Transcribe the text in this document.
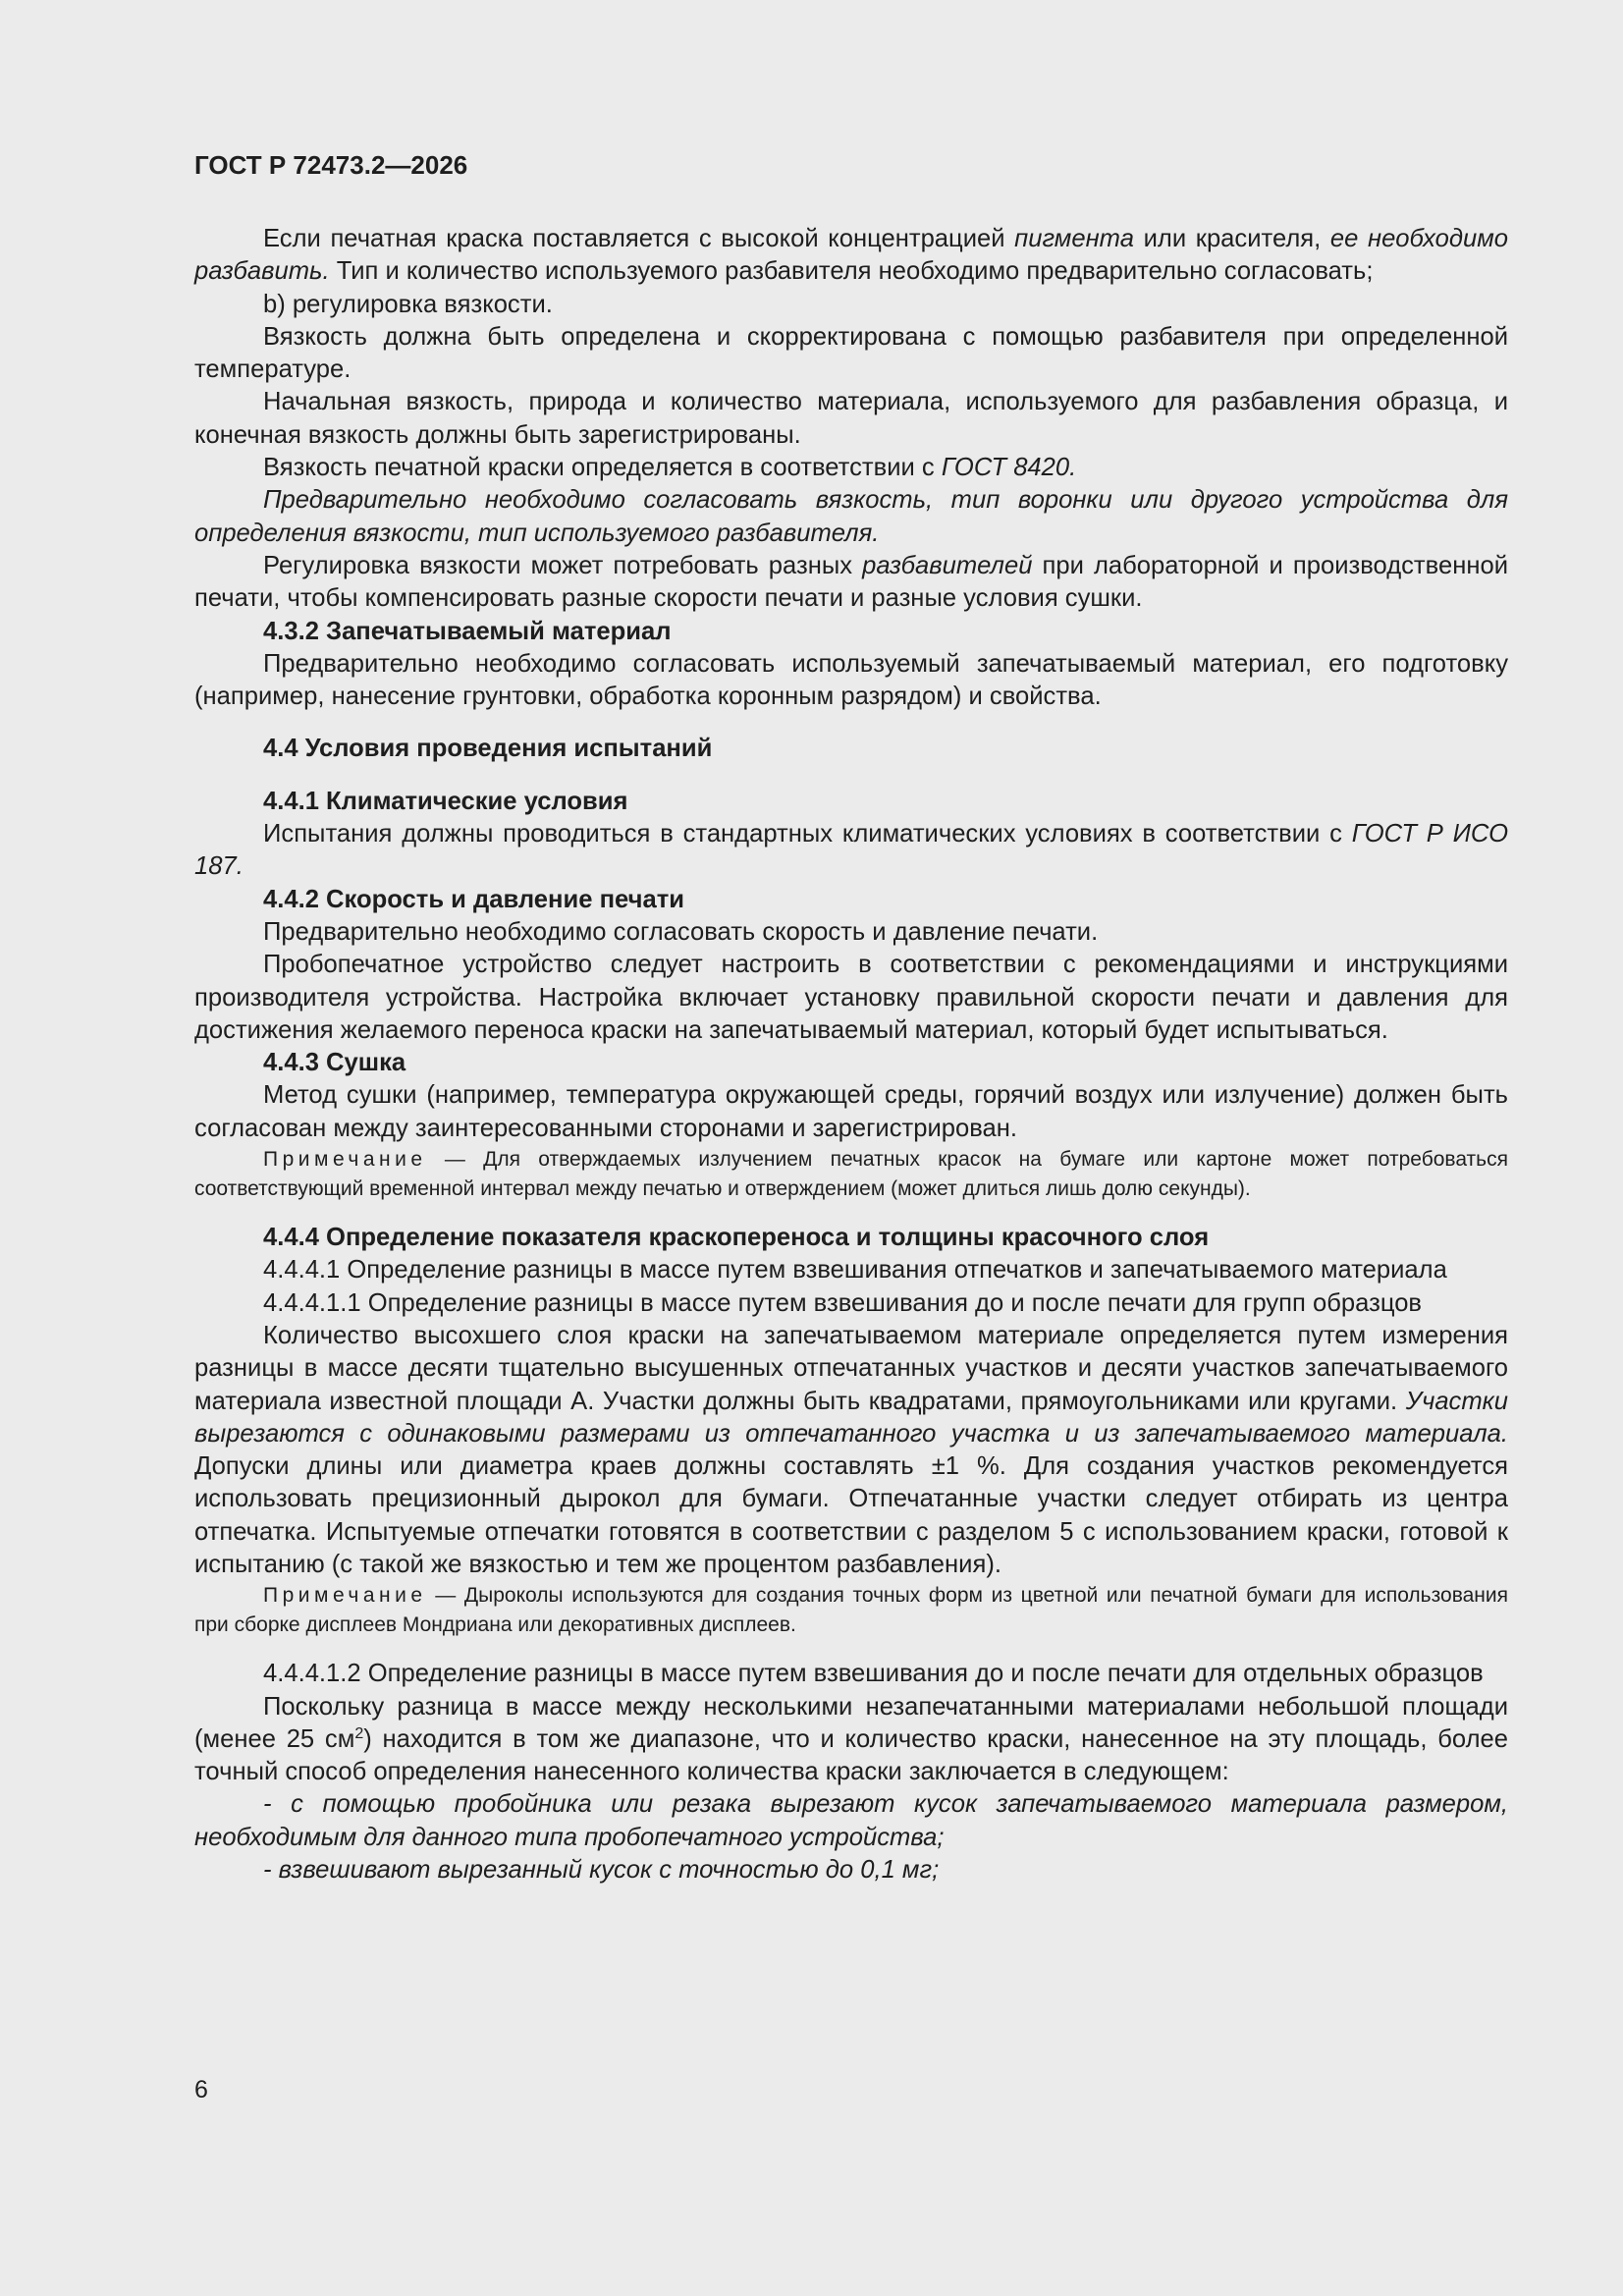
ГОСТ Р 72473.2—2026

Если печатная краска поставляется с высокой концентрацией пигмента или красителя, ее необходимо разбавить. Тип и количество используемого разбавителя необходимо предварительно согласовать;

b) регулировка вязкости.

Вязкость должна быть определена и скорректирована с помощью разбавителя при определенной температуре.

Начальная вязкость, природа и количество материала, используемого для разбавления образца, и конечная вязкость должны быть зарегистрированы.

Вязкость печатной краски определяется в соответствии с ГОСТ 8420.

Предварительно необходимо согласовать вязкость, тип воронки или другого устройства для определения вязкости, тип используемого разбавителя.

Регулировка вязкости может потребовать разных разбавителей при лабораторной и производственной печати, чтобы компенсировать разные скорости печати и разные условия сушки.

4.3.2 Запечатываемый материал

Предварительно необходимо согласовать используемый запечатываемый материал, его подготовку (например, нанесение грунтовки, обработка коронным разрядом) и свойства.

4.4 Условия проведения испытаний

4.4.1 Климатические условия

Испытания должны проводиться в стандартных климатических условиях в соответствии с ГОСТ Р ИСО 187.

4.4.2 Скорость и давление печати

Предварительно необходимо согласовать скорость и давление печати.

Пробопечатное устройство следует настроить в соответствии с рекомендациями и инструкциями производителя устройства. Настройка включает установку правильной скорости печати и давления для достижения желаемого переноса краски на запечатываемый материал, который будет испытываться.

4.4.3 Сушка

Метод сушки (например, температура окружающей среды, горячий воздух или излучение) должен быть согласован между заинтересованными сторонами и зарегистрирован.

Примечание — Для отверждаемых излучением печатных красок на бумаге или картоне может потребоваться соответствующий временной интервал между печатью и отверждением (может длиться лишь долю секунды).

4.4.4 Определение показателя краскопереноса и толщины красочного слоя

4.4.4.1 Определение разницы в массе путем взвешивания отпечатков и запечатываемого материала

4.4.4.1.1 Определение разницы в массе путем взвешивания до и после печати для групп образцов

Количество высохшего слоя краски на запечатываемом материале определяется путем измерения разницы в массе десяти тщательно высушенных отпечатанных участков и десяти участков запечатываемого материала известной площади A. Участки должны быть квадратами, прямоугольниками или кругами. Участки вырезаются с одинаковыми размерами из отпечатанного участка и из запечатываемого материала. Допуски длины или диаметра краев должны составлять ±1 %. Для создания участков рекомендуется использовать прецизионный дырокол для бумаги. Отпечатанные участки следует отбирать из центра отпечатка. Испытуемые отпечатки готовятся в соответствии с разделом 5 с использованием краски, готовой к испытанию (с такой же вязкостью и тем же процентом разбавления).

Примечание — Дыроколы используются для создания точных форм из цветной или печатной бумаги для использования при сборке дисплеев Мондриана или декоративных дисплеев.

4.4.4.1.2 Определение разницы в массе путем взвешивания до и после печати для отдельных образцов

Поскольку разница в массе между несколькими незапечатанными материалами небольшой площади (менее 25 $см^2$) находится в том же диапазоне, что и количество краски, нанесенное на эту площадь, более точный способ определения нанесенного количества краски заключается в следующем:

- с помощью пробойника или резака вырезают кусок запечатываемого материала размером, необходимым для данного типа пробопечатного устройства;

- взвешивают вырезанный кусок с точностью до 0,1 мг;

6
